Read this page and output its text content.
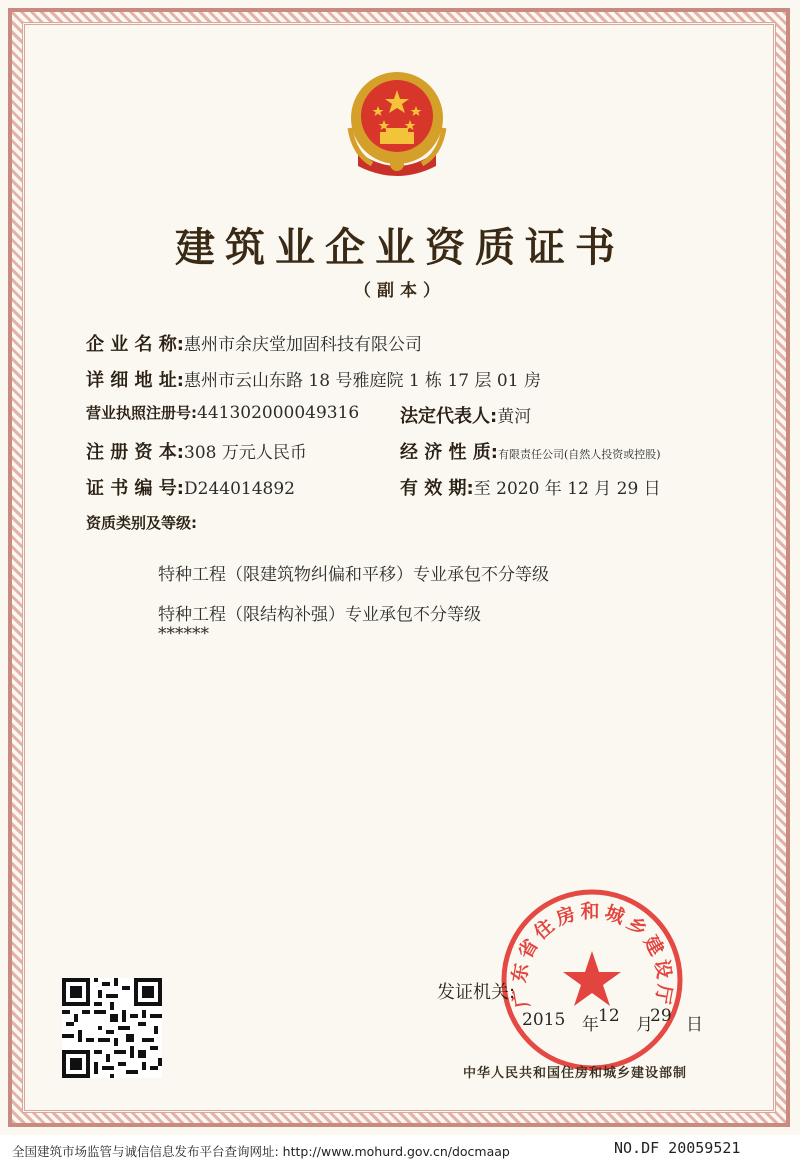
建筑业企业资质证书
（副本）
企 业 名 称:惠州市余庆堂加固科技有限公司
详 细 地 址:惠州市云山东路 18 号雅庭院 1 栋 17 层 01 房
营业执照注册号:441302000049316 法定代表人:黄河
注 册 资 本:308 万元人民币	经 济 性 质:有限责任公司(自然人投资或控股)
证 书 编 号:D244014892	有 效 期:至 2020 年 12 月 29 日
资质类别及等级:
特种工程（限建筑物纠偏和平移）专业承包不分等级
特种工程（限结构补强）专业承包不分等级
******
广东省住房和城乡建设厅
发证机关:
2015 年 12 月
29 日
中华人民共和国住房和城乡建设部制
全国建筑市场监管与诚信信息发布平台查询网址: http://www.mohurd.gov.cn/docmaap	NO.DF 20059521
